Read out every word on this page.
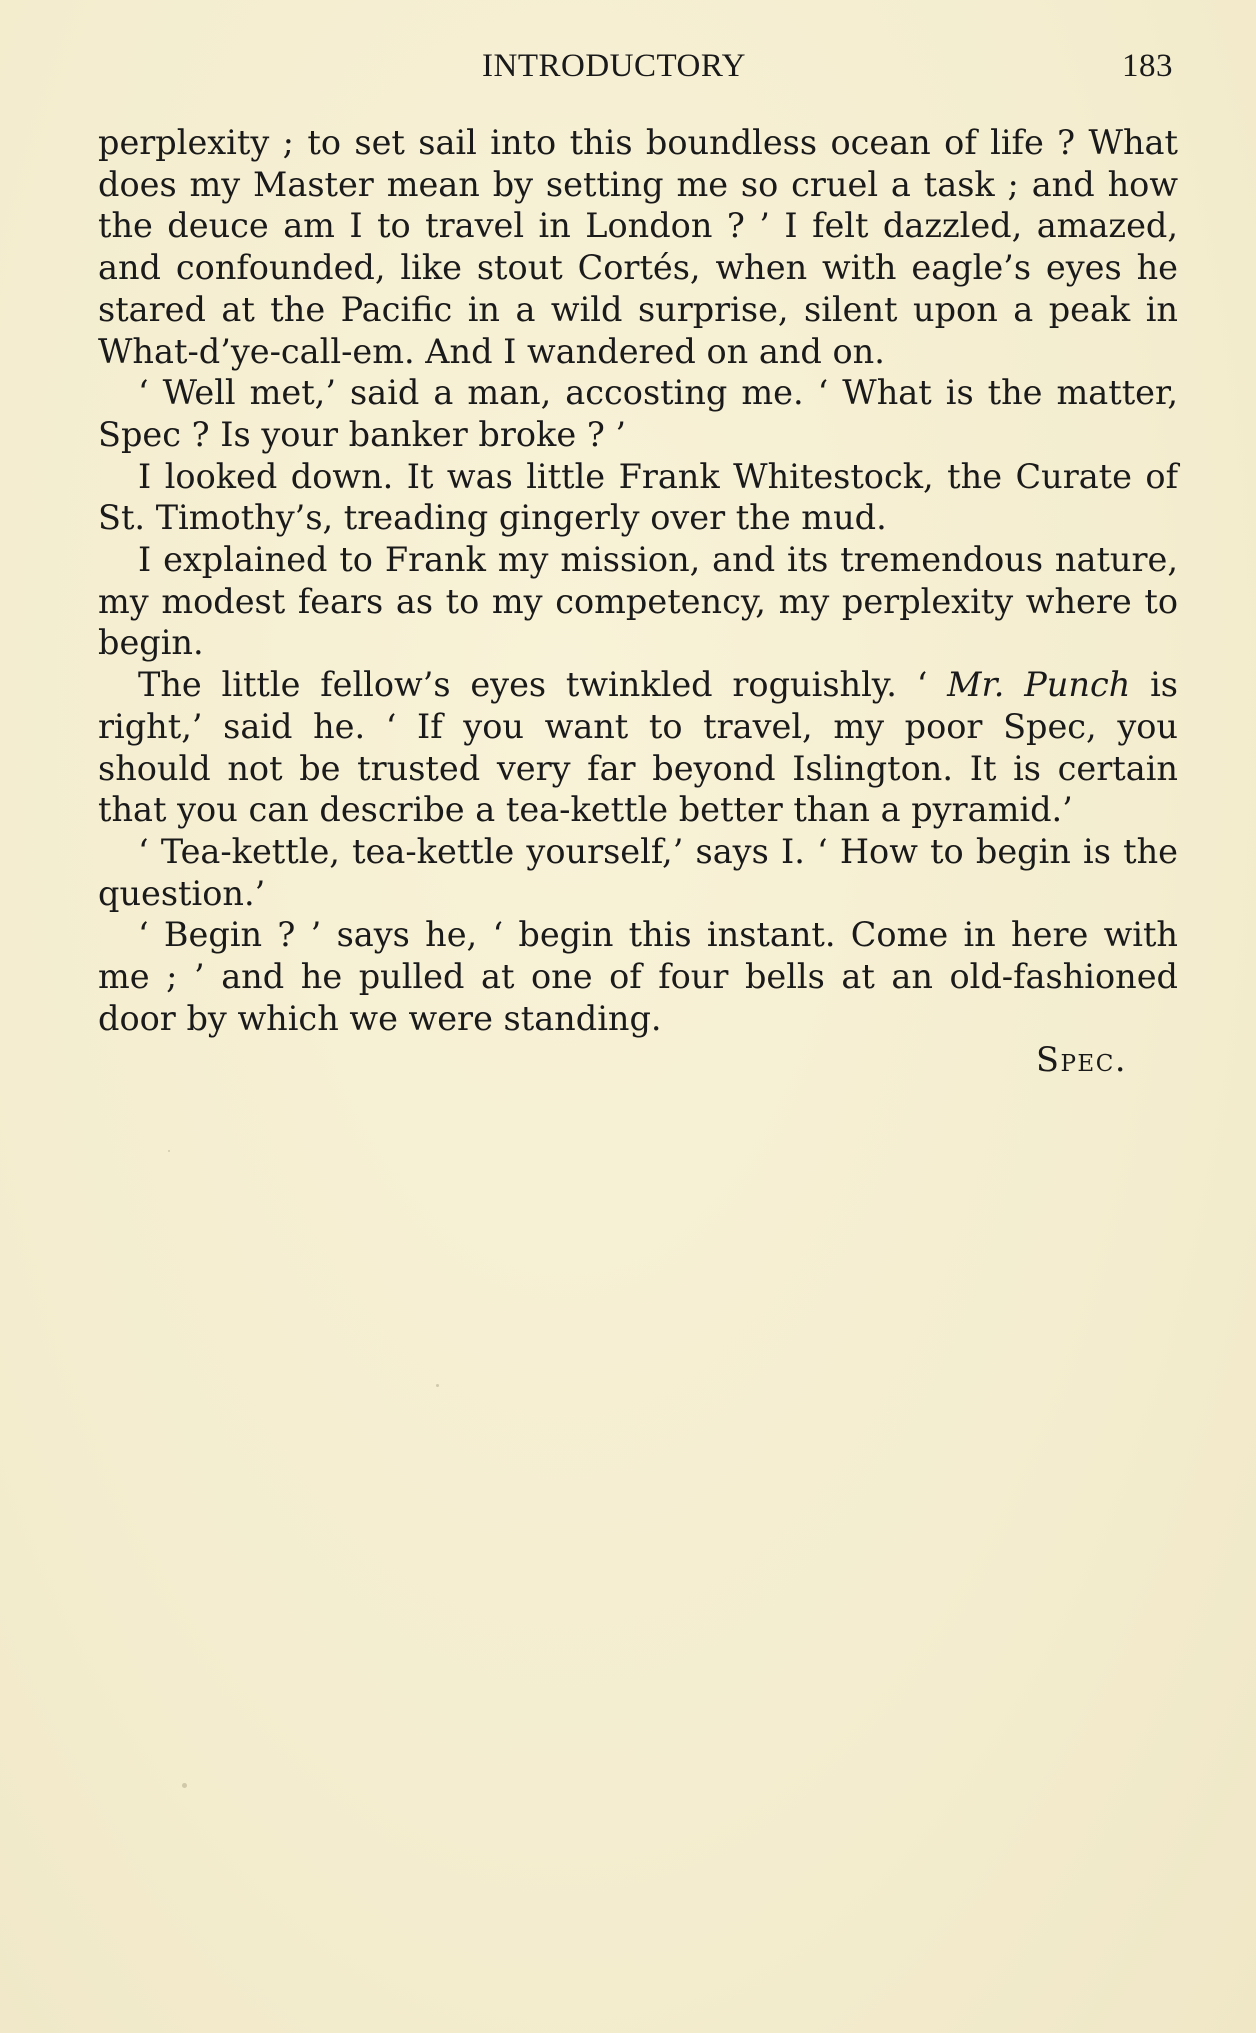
INTRODUCTORY	183

perplexity ; to set sail into this boundless ocean of life ? What does my Master mean by setting me so cruel a task ; and how the deuce am I to travel in London ? ’ I felt dazzled, amazed, and confounded, like stout Cortés, when with eagle’s eyes he stared at the Pacific in a wild surprise, silent upon a peak in What-d’ye-call-em. And I wandered on and on.

‘ Well met,’ said a man, accosting me. ‘ What is the matter, Spec ? Is your banker broke ? ’

I looked down. It was little Frank Whitestock, the Curate of St. Timothy’s, treading gingerly over the mud.

I explained to Frank my mission, and its tremendous nature, my modest fears as to my competency, my perplexity where to begin.

The little fellow’s eyes twinkled roguishly. ‘ Mr. Punch is right,’ said he. ‘ If you want to travel, my poor Spec, you should not be trusted very far beyond Islington. It is certain that you can describe a tea-kettle better than a pyramid.’

‘ Tea-kettle, tea-kettle yourself,’ says I. ‘ How to begin is the question.’

‘ Begin ? ’ says he, ‘ begin this instant. Come in here with me ; ’ and he pulled at one of four bells at an old-fashioned door by which we were standing.

Spec.
